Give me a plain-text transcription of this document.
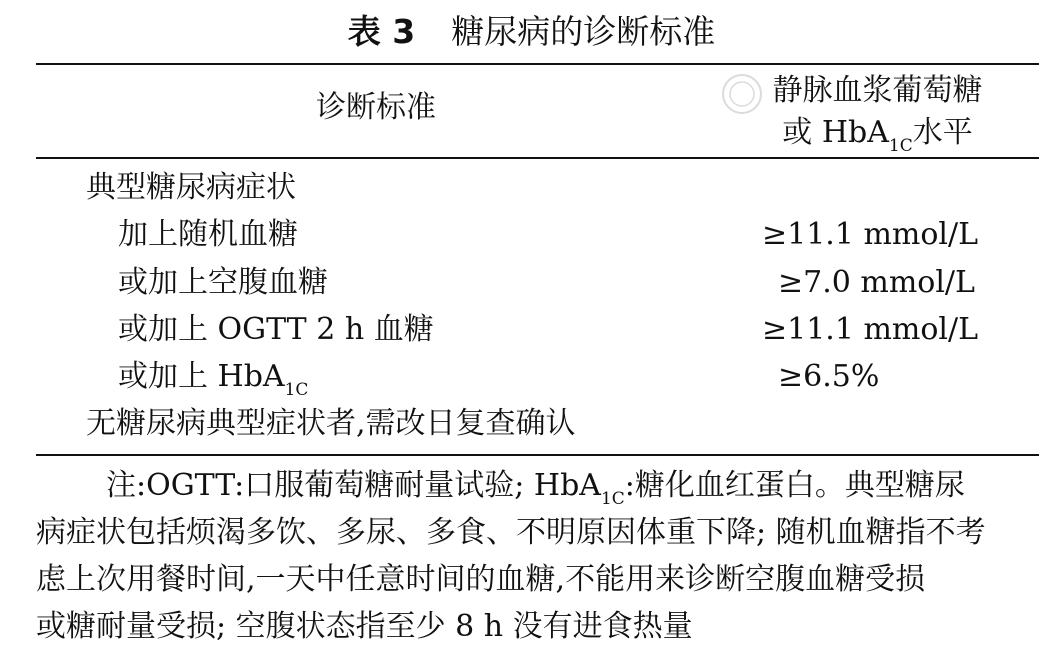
表 3 糖尿病的诊断标准
诊断标准	静脉血浆葡萄糖
或 HbA$_{1C}$水平
典型糖尿病症状
加上随机血糖	≥11.1 mmol/L
或加上空腹血糖	≥7.0 mmol/L
或加上 OGTT 2 h 血糖	≥11.1 mmol/L
或加上 HbA$_{1C}$	≥6.5%
无糖尿病典型症状者,需改日复查确认
注:OGTT:口服葡萄糖耐量试验; HbA$_{1C}$:糖化血红蛋白。典型糖尿
病症状包括烦渴多饮、多尿、多食、不明原因体重下降; 随机血糖指不考
虑上次用餐时间,一天中任意时间的血糖,不能用来诊断空腹血糖受损
或糖耐量受损; 空腹状态指至少 8 h 没有进食热量
